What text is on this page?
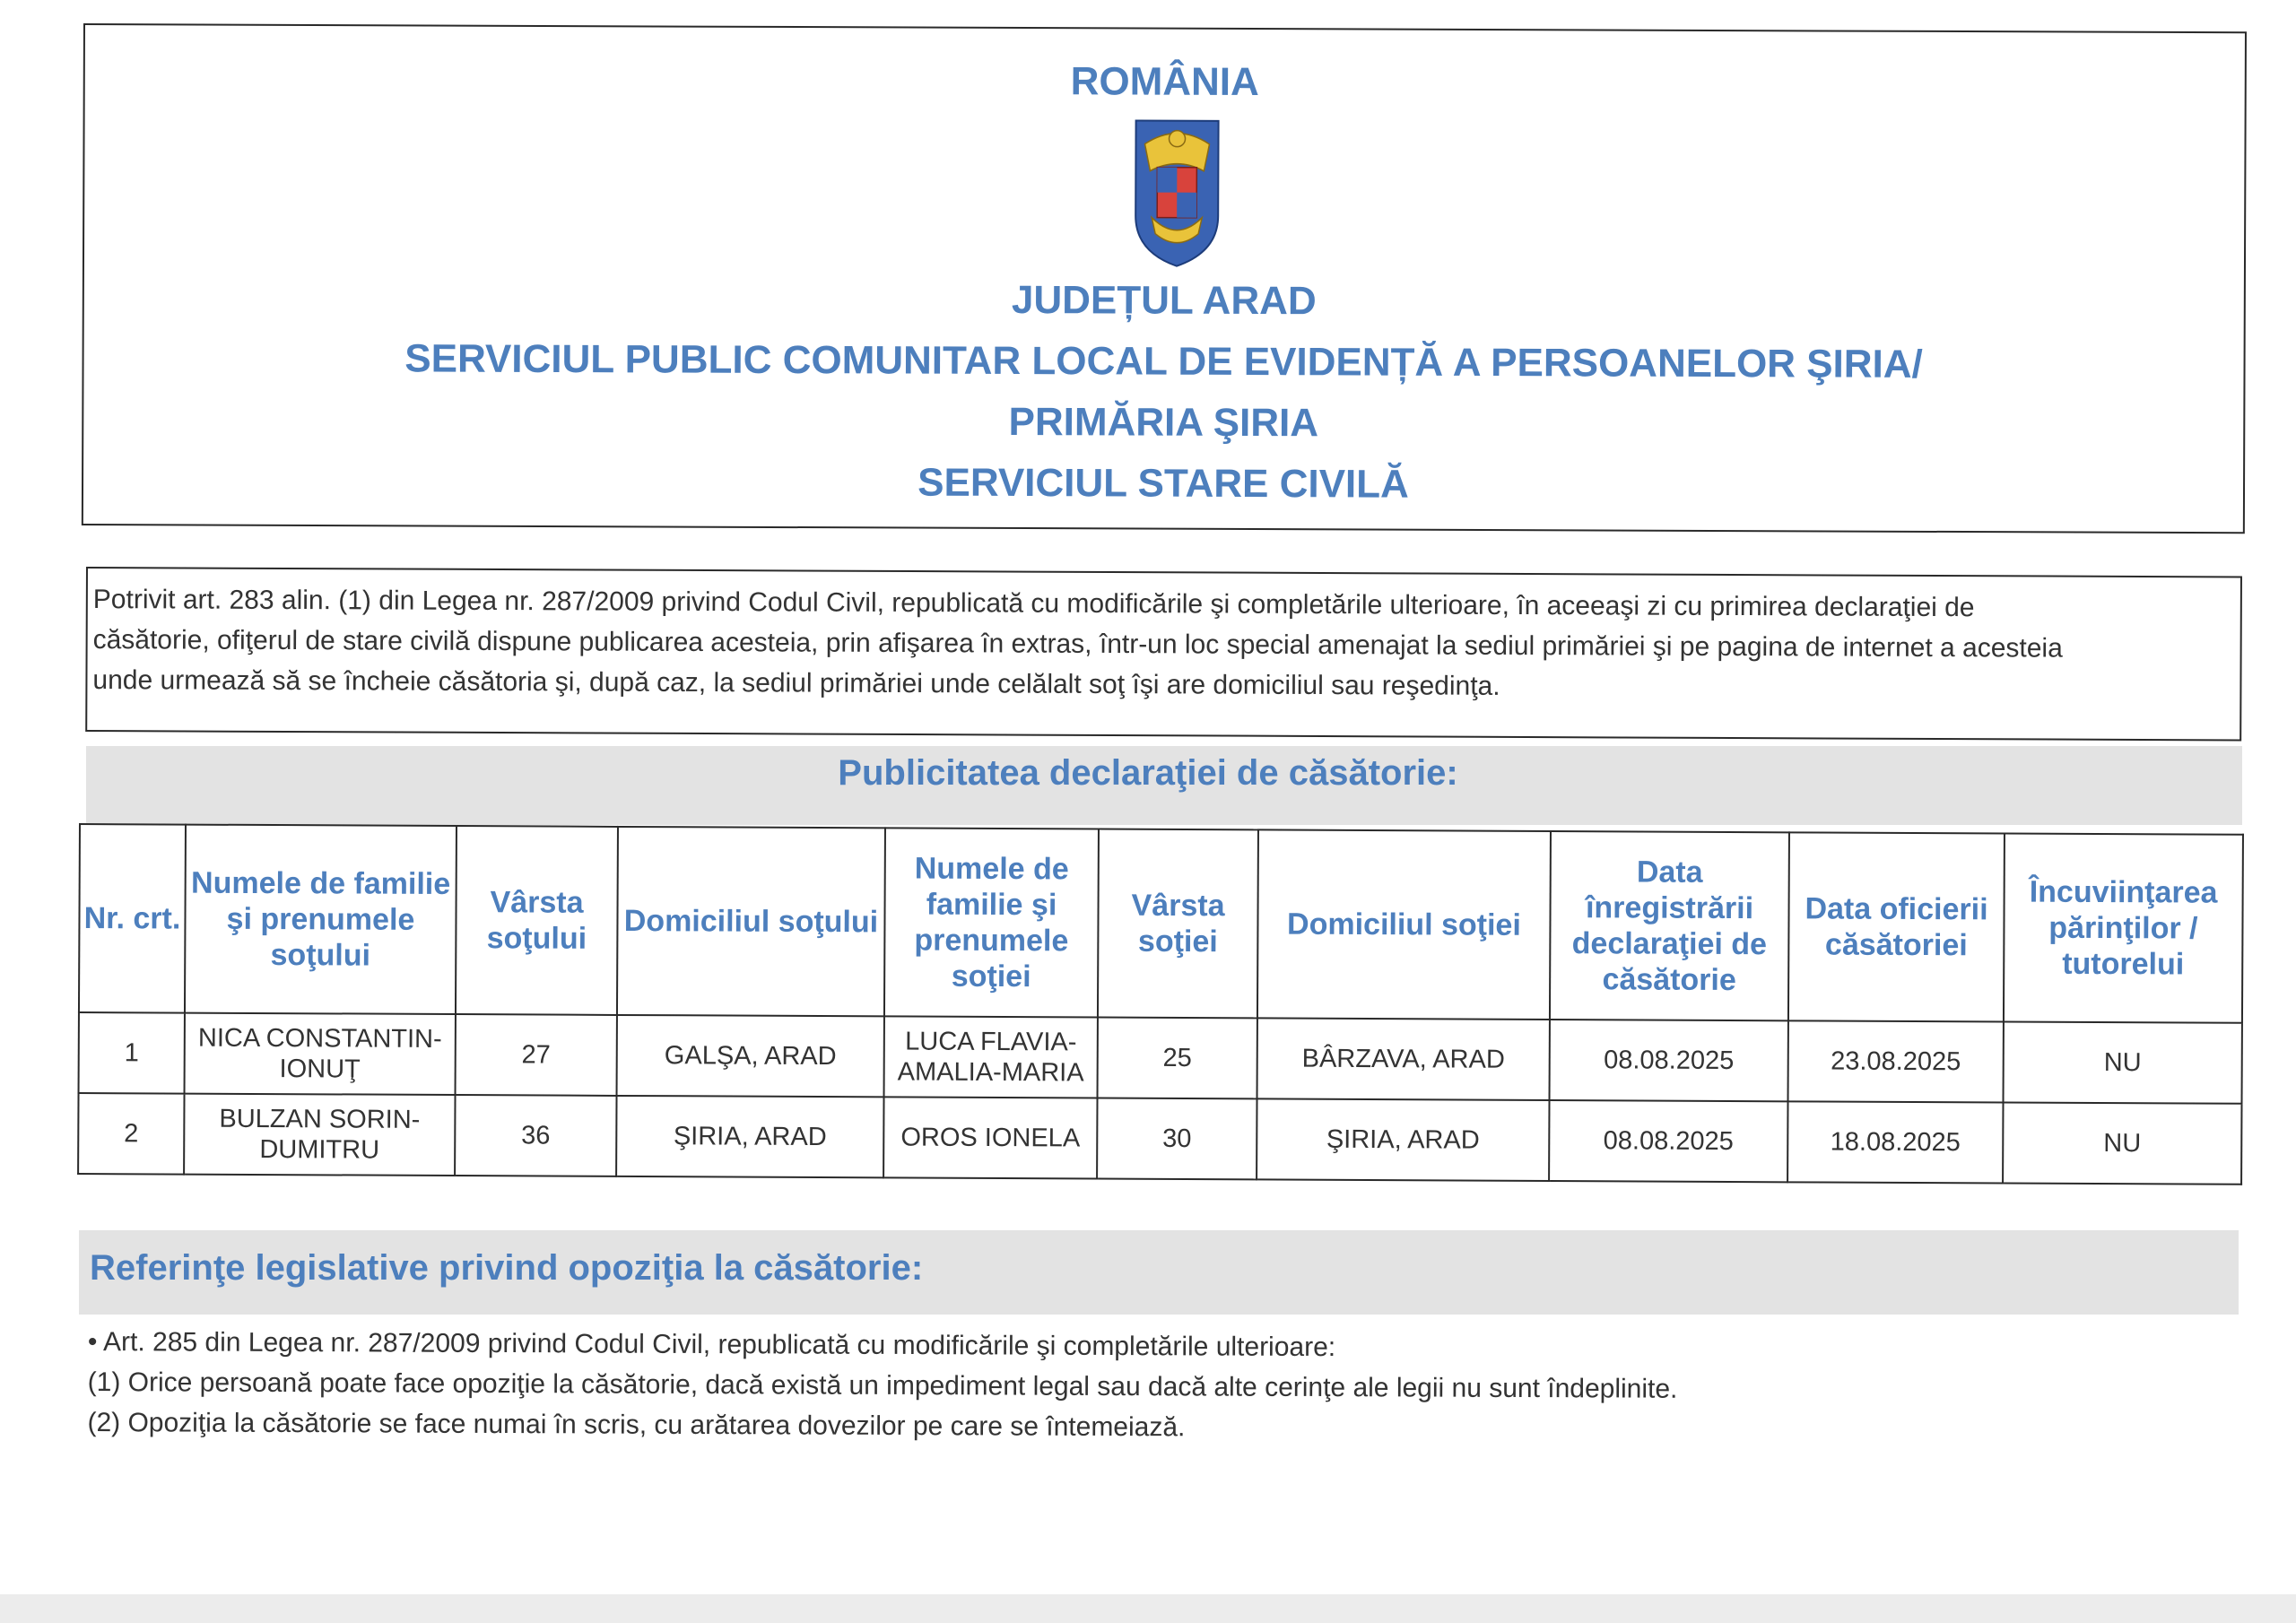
ROMÂNIA
JUDEȚUL ARAD
SERVICIUL PUBLIC COMUNITAR LOCAL DE EVIDENȚĂ A PERSOANELOR ŞIRIA/
PRIMĂRIA ŞIRIA
SERVICIUL STARE CIVILĂ
Potrivit art. 283 alin. (1) din Legea nr. 287/2009 privind Codul Civil, republicată cu modificările şi completările ulterioare, în aceeaşi zi cu primirea declaraţiei de
căsătorie, ofiţerul de stare civilă dispune publicarea acesteia, prin afişarea în extras, într-un loc special amenajat la sediul primăriei şi pe pagina de internet a acesteia
unde urmează să se încheie căsătoria şi, după caz, la sediul primăriei unde celălalt soţ îşi are domiciliul sau reşedinţa.
Publicitatea declaraţiei de căsătorie:
Nr. crt.	Numele de familie şi prenumele soţului	Vârsta soţului	Domiciliul soţului	Numele de familie şi prenumele soţiei	Vârsta soţiei	Domiciliul soţiei	Data înregistrării declaraţiei de căsătorie	Data oficierii căsătoriei	Încuviinţarea părinţilor / tutorelui
1	NICA CONSTANTIN-IONUŢ	27	GALŞA, ARAD	LUCA FLAVIA-AMALIA-MARIA	25	BÂRZAVA, ARAD	08.08.2025	23.08.2025	NU
2	BULZAN SORIN-DUMITRU	36	ŞIRIA, ARAD	OROS IONELA	30	ŞIRIA, ARAD	08.08.2025	18.08.2025	NU
Referinţe legislative privind opoziţia la căsătorie:

• Art. 285 din Legea nr. 287/2009 privind Codul Civil, republicată cu modificările şi completările ulterioare:

(1) Orice persoană poate face opoziţie la căsătorie, dacă există un impediment legal sau dacă alte cerinţe ale legii nu sunt îndeplinite.

(2) Opoziţia la căsătorie se face numai în scris, cu arătarea dovezilor pe care se întemeiază.
